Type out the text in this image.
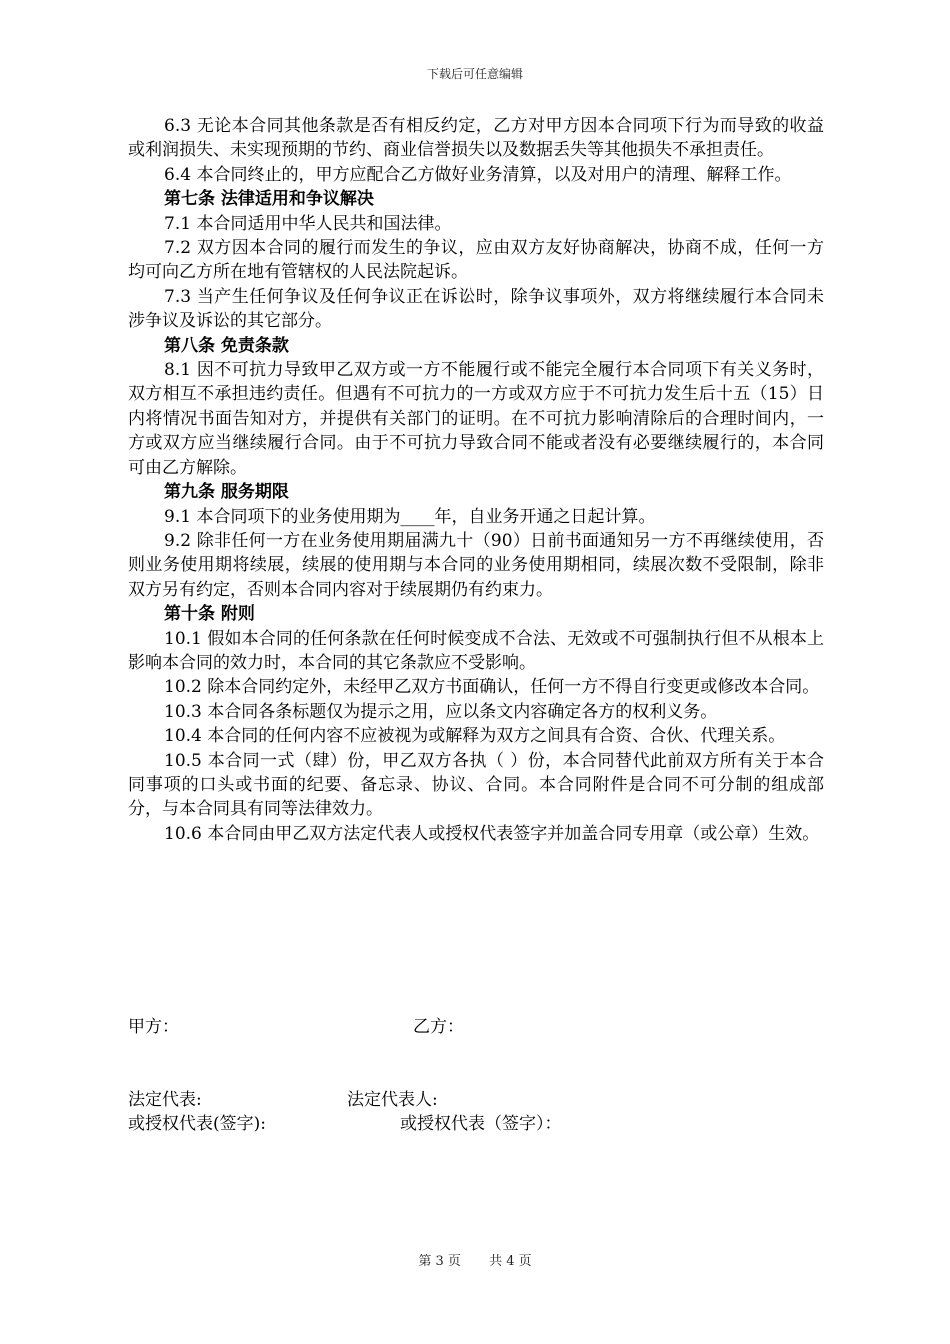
下载后可任意编辑

6.3 无论本合同其他条款是否有相反约定，乙方对甲方因本合同项下行为而导致的收益或利润损失、未实现预期的节约、商业信誉损失以及数据丢失等其他损失不承担责任。

6.4 本合同终止的，甲方应配合乙方做好业务清算，以及对用户的清理、解释工作。

第七条 法律适用和争议解决

7.1 本合同适用中华人民共和国法律。

7.2 双方因本合同的履行而发生的争议，应由双方友好协商解决，协商不成，任何一方均可向乙方所在地有管辖权的人民法院起诉。

7.3 当产生任何争议及任何争议正在诉讼时，除争议事项外，双方将继续履行本合同未涉争议及诉讼的其它部分。

第八条 免责条款

8.1 因不可抗力导致甲乙双方或一方不能履行或不能完全履行本合同项下有关义务时，双方相互不承担违约责任。但遇有不可抗力的一方或双方应于不可抗力发生后十五（15）日内将情况书面告知对方，并提供有关部门的证明。在不可抗力影响清除后的合理时间内，一方或双方应当继续履行合同。由于不可抗力导致合同不能或者没有必要继续履行的，本合同可由乙方解除。

第九条 服务期限

9.1 本合同项下的业务使用期为____年，自业务开通之日起计算。

9.2 除非任何一方在业务使用期届满九十（90）日前书面通知另一方不再继续使用，否则业务使用期将续展，续展的使用期与本合同的业务使用期相同，续展次数不受限制，除非双方另有约定，否则本合同内容对于续展期仍有约束力。

第十条 附则

10.1 假如本合同的任何条款在任何时候变成不合法、无效或不可强制执行但不从根本上影响本合同的效力时，本合同的其它条款应不受影响。

10.2 除本合同约定外，未经甲乙双方书面确认，任何一方不得自行变更或修改本合同。

10.3 本合同各条标题仅为提示之用，应以条文内容确定各方的权利义务。

10.4 本合同的任何内容不应被视为或解释为双方之间具有合资、合伙、代理关系。

10.5 本合同一式（肆）份，甲乙双方各执（ ）份，本合同替代此前双方所有关于本合同事项的口头或书面的纪要、备忘录、协议、合同。本合同附件是合同不可分制的组成部分，与本合同具有同等法律效力。

10.6 本合同由甲乙双方法定代表人或授权代表签字并加盖合同专用章（或公章）生效。

甲方：	乙方：
法定代表:	法定代表人:
或授权代表(签字):	或授权代表（签字）：
第 3 页 共 4 页
